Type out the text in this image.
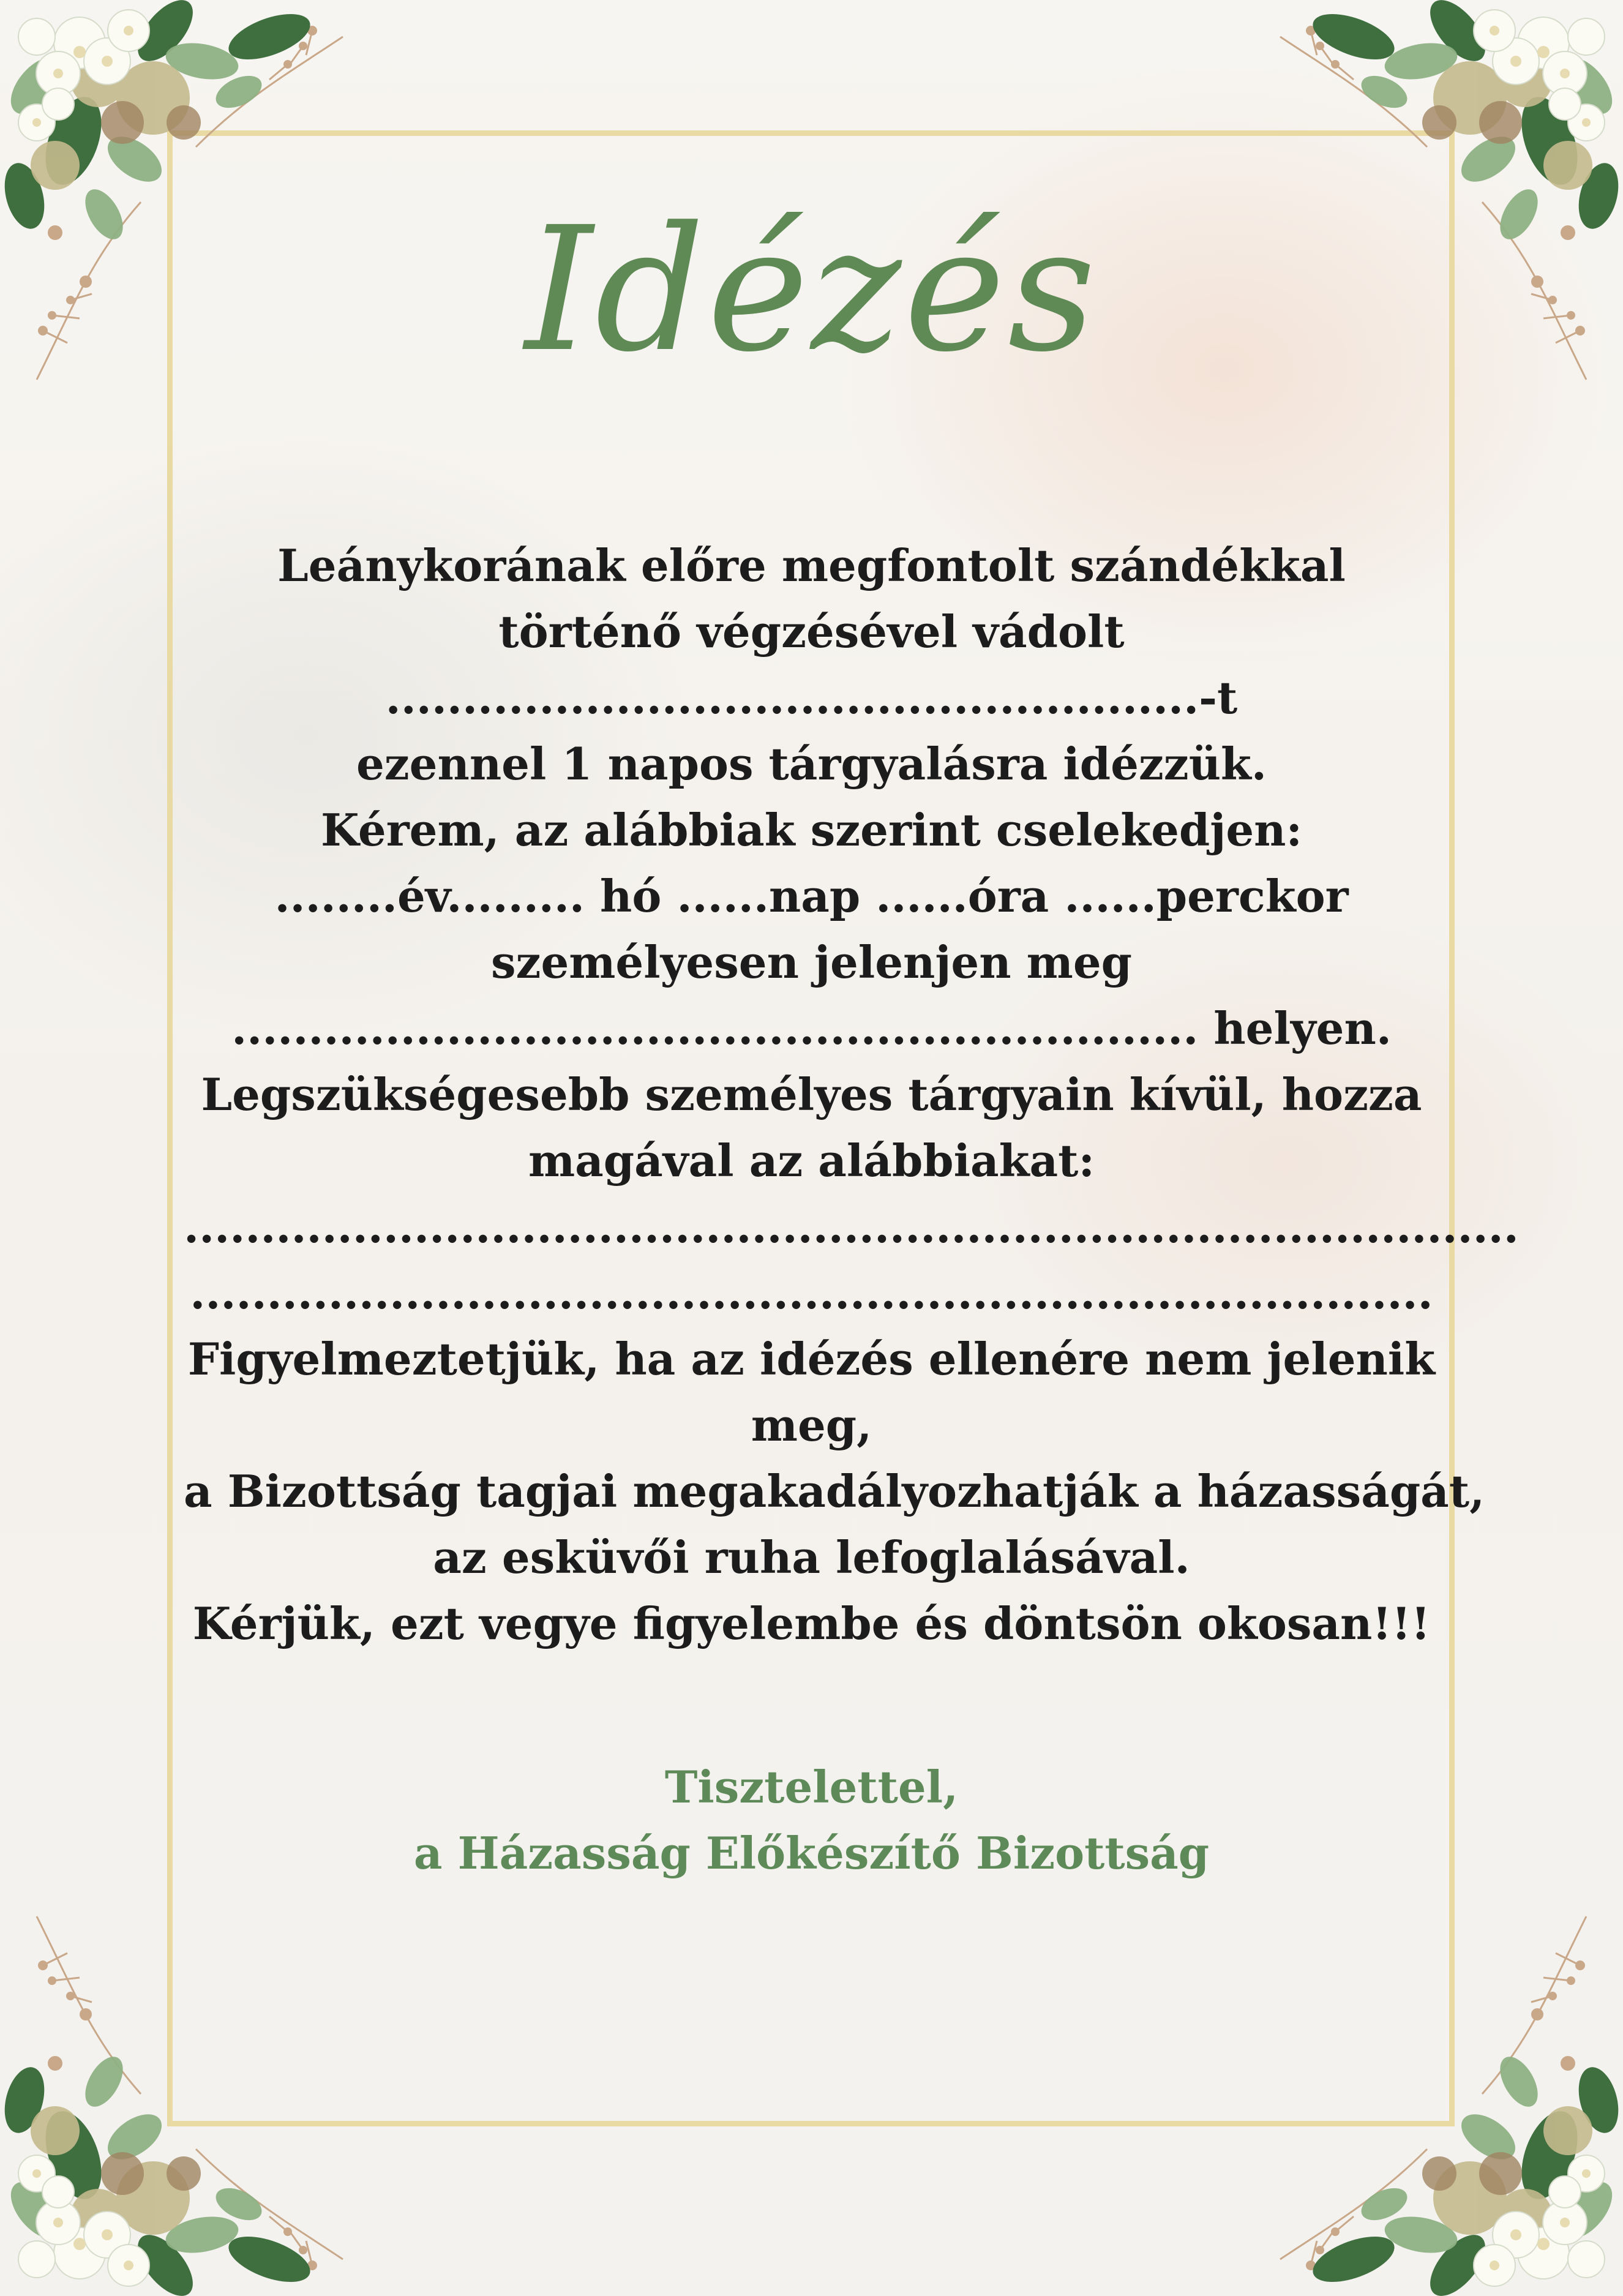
Idézés
Leánykorának előre megfontolt szándékkal
történő végzésével vádolt
.....................................................-t
ezennel 1 napos tárgyalásra idézzük.
Kérem, az alábbiak szerint cselekedjen:
........év......... hó ......nap ......óra ......perckor
személyesen jelenjen meg
............................................................... helyen.
Legszükségesebb személyes tárgyain kívül, hozza
magával az alábbiakat:
.......................................................................................
.................................................................................
Figyelmeztetjük, ha az idézés ellenére nem jelenik meg,
a Bizottság tagjai megakadályozhatják a házasságát,
az esküvői ruha lefoglalásával.
Kérjük, ezt vegye figyelembe és döntsön okosan!!!
Tisztelettel,
a Házasság Előkészítő Bizottság
